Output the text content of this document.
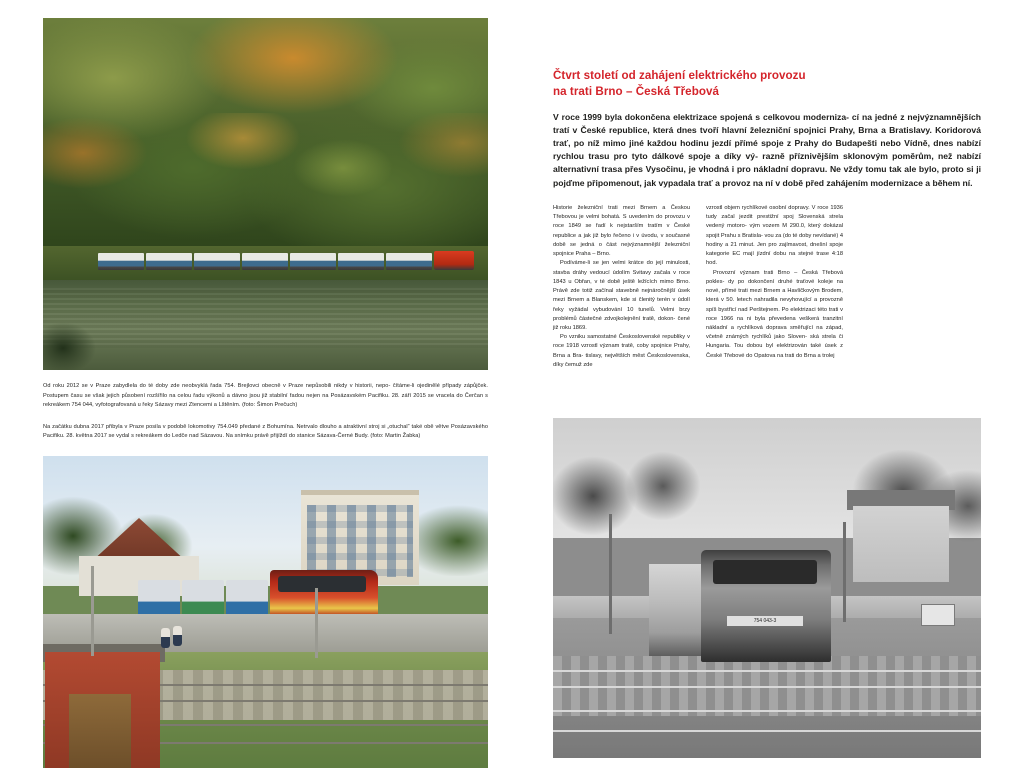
Od roku 2012 se v Praze zabydlela do té doby zde neobvyklá řada 754. Brejlovci obecně v Praze nepůsobili nikdy v historii, nepo‑ čítáme-li ojedinělé případy zápůjček. Postupem času se však jejich působení rozšířilo na celou řadu výkonů a dávno jsou již stabilní řadou nejen na Posázavském Pacifiku. 28. září 2015 se vracela do Čerčan s rekreákem 754 044, vyfotografovaná u řeky Sázavy mezi Ztencemi a Lštěním. (foto: Šimon Prečuch)
Na začátku dubna 2017 přibyla v Praze posila v podobě lokomotivy 754.049 předané z Bohumína. Netrvalo dlouho a atraktivní stroj si „otuchal“ také obě větve Posázavského Pacifiku. 28. května 2017 se vydal s rekreákem do Ledče nad Sázavou. Na snímku právě přijíždí do stanice Sázava-Černé Budy. (foto: Martin Žabka)
Čtvrt století od zahájení elektrického provozu
na trati Brno – Česká Třebová
V roce 1999 byla dokončena elektrizace spojená s celkovou moderniza‑ cí na jedné z nejvýznamnějších tratí v České republice, která dnes tvoří hlavní železniční spojnici Prahy, Brna a Bratislavy. Koridorová trať, po níž mimo jiné každou hodinu jezdí přímé spoje z Prahy do Budapešti nebo Vídně, dnes nabízí rychlou trasu pro tyto dálkové spoje a díky vý‑ razně příznivějším sklonovým poměrům, než nabízí alternativní trasa přes Vysočinu, je vhodná i pro nákladní dopravu. Ne vždy tomu tak ale bylo, proto si ji pojďme připomenout, jak vypadala trať a provoz na ní v době před zahájením modernizace a během ní.

Historie železniční trati mezi Brnem a Českou Třebovou je velmi bohatá. S uvedením do provozu v roce 1849 se řadí k nejstarším tratím v České republice a jak již bylo řečeno i v úvodu, v současné době se jedná o část nejvýznamnější železniční spojnice Praha – Brno.

Podíváme-li se jen velmi krátce do její minulosti, stavba dráhy vedoucí údolím Svitavy začala v roce 1843 u Obřan, v té době ještě ležících mimo Brno. Právě zde totiž začínal stavebně nejnáročnější úsek mezi Brnem a Blanskem, kde si členitý terén v údolí řeky vyžádal vybudování 10 tunelů. Velmi brzy problémů částečné zdvojkolejnění tratě, dokon‑ čené již roku 1869.

Po vzniku samostatné Československé republiky v roce 1918 vzrostl význam tratě, coby spojnice Prahy, Brna a Bra‑ tislavy, největších měst Československa, díky čemuž zde

vzrostl objem rychlíkové osobní dopravy. V roce 1936 tudy začal jezdit prestižní spoj Slovenská strela vedený motoro‑ vým vozem M 290.0, který dokázal spojit Prahu s Bratisla‑ vou za (do té doby nevídané) 4 hodiny a 21 minut. Jen pro zajímavost, dnešní spoje kategorie EC mají jízdní dobu na stejné trase 4:18 hod.

Provozní význam trati Brno – Česká Třebová pokles‑ dy po dokončení druhé traťové koleje na nové, přímé trati mezi Brnem a Havlíčkovým Brodem, která v 50. letech nahradila nevyhovující a provozně spíš bystřicí nad Perštejnem. Po elektrizaci této trati v roce 1966 na ni byla převedena veškerá tranzitní nákladní a rychlíková doprava směřující na západ, včetně známých rychlíků jako Sloven‑ ská strela či Hungaria. Tou dobou byl elektrizován také úsek z České Třebové do Opatova na trati do Brna a trolej

754 043-3
